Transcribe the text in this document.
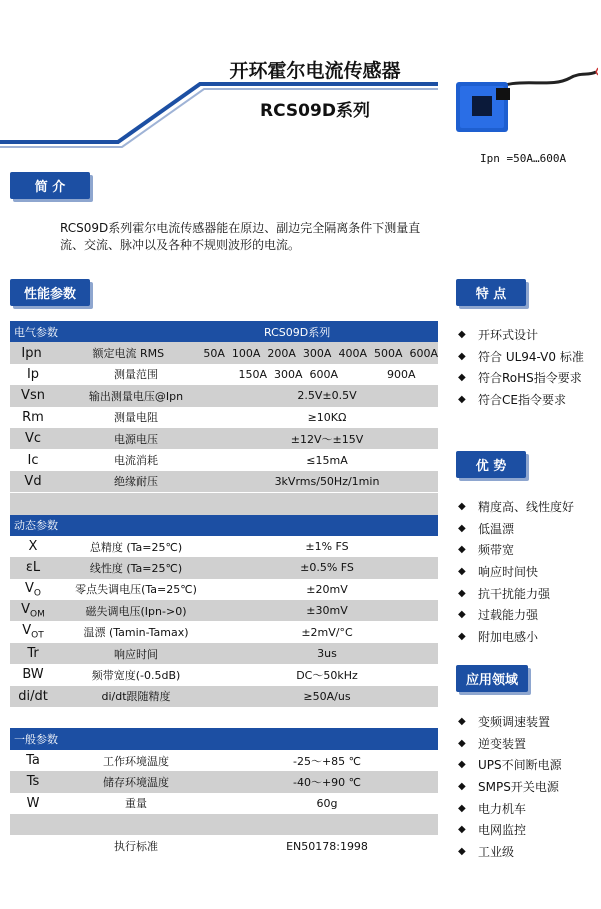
开环霍尔电流传感器
RCS09D系列
Ipn =50A…600A
简 介
RCS09D系列霍尔电流传感器能在原边、副边完全隔离条件下测量直流、交流、脉冲以及各种不规则波形的电流。
性能参数
电气参数	RCS09D系列
Ipn	额定电流 RMS	50A  100A  200A  300A  400A  500A  600A
Ip	测量范围	150A  300A  600A              900A
Vsn	输出测量电压@Ipn	2.5V±0.5V
Rm	测量电阻	≥10KΩ
Vc	电源电压	±12V～±15V
Ic	电流消耗	≤15mA
Vd	绝缘耐压	3kVrms/50Hz/1min
动态参数
X	总精度 (Ta=25℃)	±1% FS
εL	线性度 (Ta=25℃)	±0.5% FS
$V_O$	零点失调电压(Ta=25℃)	±20mV
$V_{OM}$	磁失调电压(Ipn->0)	±30mV
$V_{OT}$	温漂 (Tamin-Tamax)	±2mV/°C
Tr	响应时间	3us
BW	频带宽度(-0.5dB)	DC～50kHz
di/dt	di/dt跟随精度	≥50A/us
一般参数
Ta	工作环境温度	-25～+85 ℃
Ts	储存环境温度	-40～+90 ℃
W	重量	60g
执行标准	EN50178:1998
特 点
◆	开环式设计
◆	符合 UL94-V0 标准
◆	符合RoHS指令要求
◆	符合CE指令要求
优 势
◆	精度高、线性度好
◆	低温漂
◆	频带宽
◆	响应时间快
◆	抗干扰能力强
◆	过载能力强
◆	附加电感小
应用领域
◆	变频调速装置
◆	逆变装置
◆	UPS不间断电源
◆	SMPS开关电源
◆	电力机车
◆	电网监控
◆	工业级
